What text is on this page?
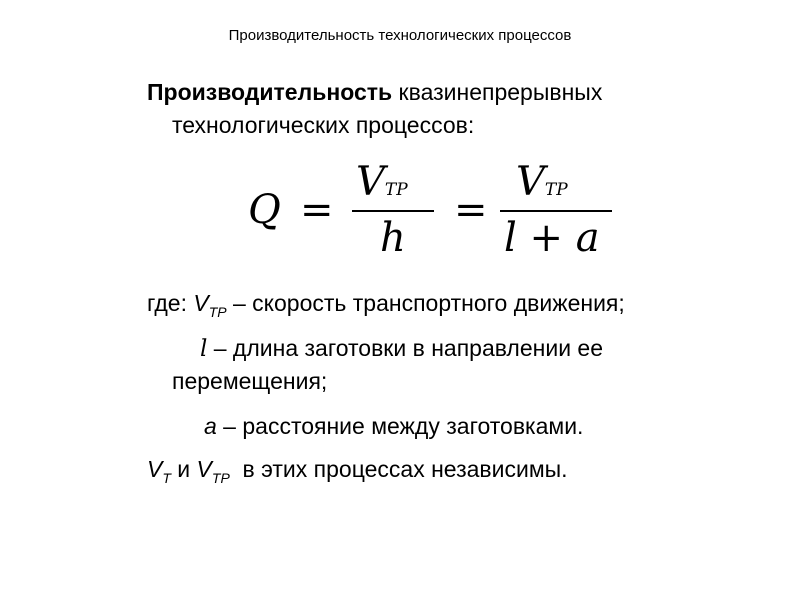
Производительность технологических процессов
Производительность квазинепрерывных
технологических процессов:
Q =
VTP
h
=
VTP
l + a
где: $V_{TP}$ – скорость транспортного движения;
l – длина заготовки в направлении ее
перемещения;
a – расстояние между заготовками.
$V_T$ и $V_{TP}$  в этих процессах независимы.
